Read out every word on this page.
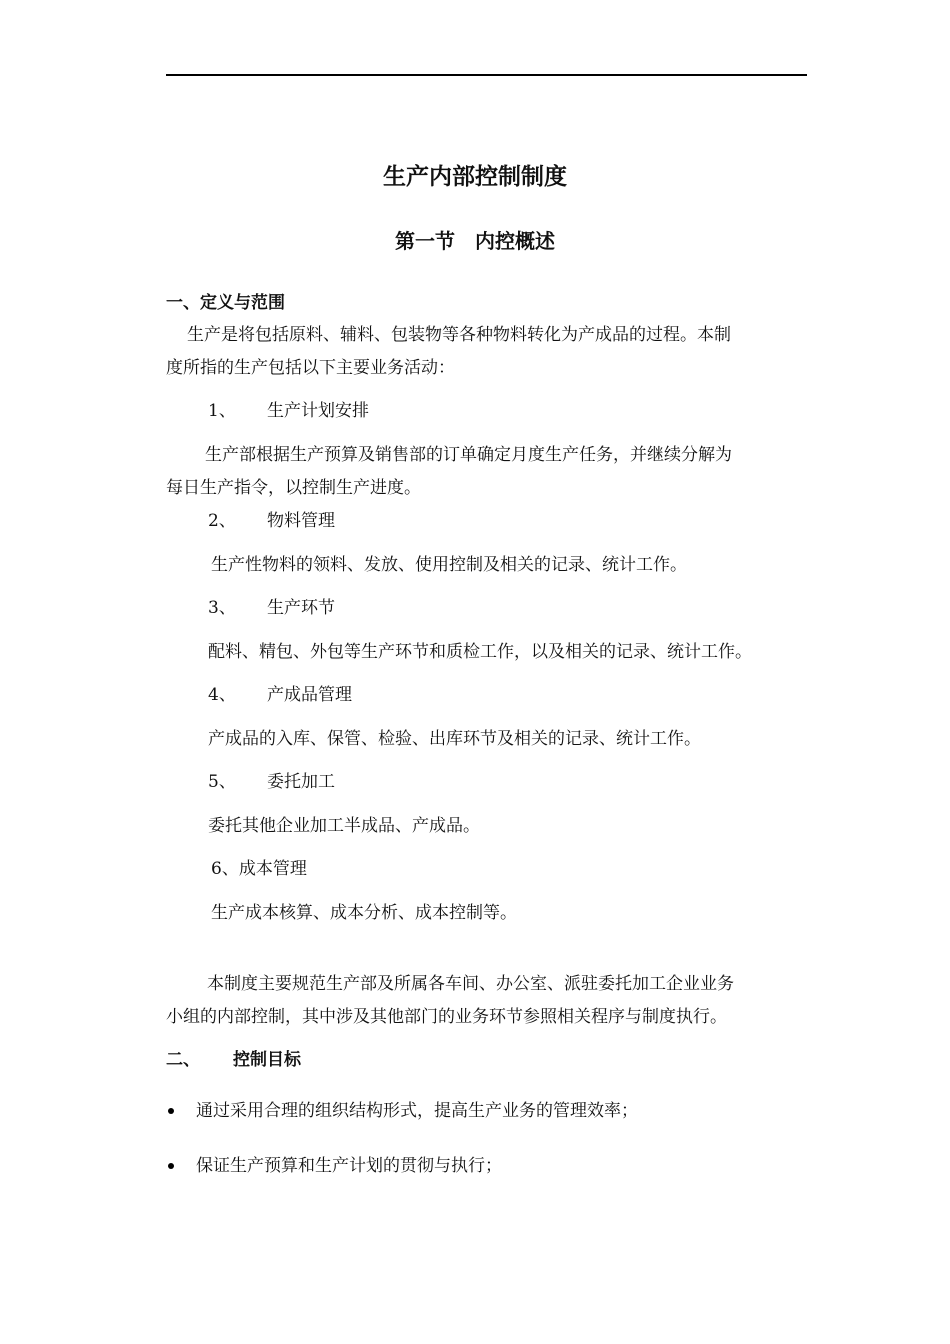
生产内部控制制度
第一节　内控概述
一、定义与范围
生产是将包括原料、辅料、包装物等各种物料转化为产成品的过程。本制
度所指的生产包括以下主要业务活动：
1、 生产计划安排
生产部根据生产预算及销售部的订单确定月度生产任务，并继续分解为
每日生产指令，以控制生产进度。
2、 物料管理
生产性物料的领料、发放、使用控制及相关的记录、统计工作。
3、 生产环节
配料、精包、外包等生产环节和质检工作，以及相关的记录、统计工作。
4、 产成品管理
产成品的入库、保管、检验、出库环节及相关的记录、统计工作。
5、 委托加工
委托其他企业加工半成品、产成品。
6、成本管理
生产成本核算、成本分析、成本控制等。
本制度主要规范生产部及所属各车间、办公室、派驻委托加工企业业务
小组的内部控制，其中涉及其他部门的业务环节参照相关程序与制度执行。
二、 控制目标
通过采用合理的组织结构形式，提高生产业务的管理效率；
保证生产预算和生产计划的贯彻与执行；
